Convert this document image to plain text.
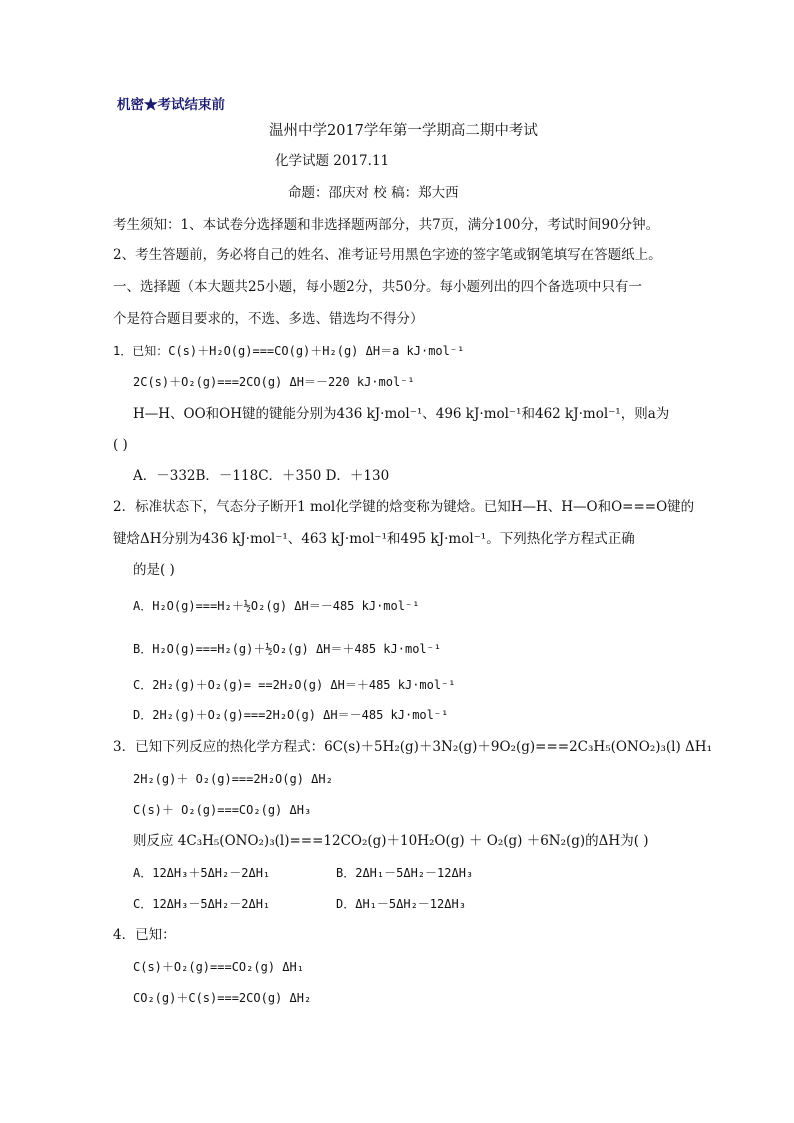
机密★考试结束前
温州中学2017学年第一学期高二期中考试
化学试题 2017.11
命题：邵庆对 校 稿：郑大西
考生须知：1、本试卷分选择题和非选择题两部分，共7页，满分100分，考试时间90分钟。
2、考生答题前，务必将自己的姓名、准考证号用黑色字迹的签字笔或钢笔填写在答题纸上。
一、选择题（本大题共25小题，每小题2分，共50分。每小题列出的四个备选项中只有一
个是符合题目要求的，不选、多选、错选均不得分）
1．已知：C(s)＋H₂O(g)===CO(g)＋H₂(g) ΔH＝a kJ·mol⁻¹
2C(s)＋O₂(g)===2CO(g) ΔH＝－220 kJ·mol⁻¹
H—H、OO和OH键的键能分别为436 kJ·mol⁻¹、496 kJ·mol⁻¹和462 kJ·mol⁻¹，则a为
( )
A．－332B．－118C．＋350 D．＋130
2．标准状态下，气态分子断开1 mol化学键的焓变称为键焓。已知H—H、H—O和O===O键的
键焓ΔH分别为436 kJ·mol⁻¹、463 kJ·mol⁻¹和495 kJ·mol⁻¹。下列热化学方程式正确
的是( )
A．H₂O(g)===H₂＋½O₂(g) ΔH＝－485 kJ·mol⁻¹
B．H₂O(g)===H₂(g)＋½O₂(g) ΔH＝＋485 kJ·mol⁻¹
C．2H₂(g)＋O₂(g)= ==2H₂O(g) ΔH＝＋485 kJ·mol⁻¹
D．2H₂(g)＋O₂(g)===2H₂O(g) ΔH＝－485 kJ·mol⁻¹
3．已知下列反应的热化学方程式：6C(s)＋5H₂(g)＋3N₂(g)＋9O₂(g)===2C₃H₅(ONO₂)₃(l) ΔH₁
2H₂(g)＋ O₂(g)===2H₂O(g) ΔH₂
C(s)＋ O₂(g)===CO₂(g) ΔH₃
则反应 4C₃H₅(ONO₂)₃(l)===12CO₂(g)＋10H₂O(g) ＋ O₂(g) ＋6N₂(g)的ΔH为( )
A．12ΔH₃＋5ΔH₂－2ΔH₁	B．2ΔH₁－5ΔH₂－12ΔH₃
C．12ΔH₃－5ΔH₂－2ΔH₁	D．ΔH₁－5ΔH₂－12ΔH₃
4．已知：
C(s)＋O₂(g)===CO₂(g) ΔH₁
CO₂(g)＋C(s)===2CO(g) ΔH₂
